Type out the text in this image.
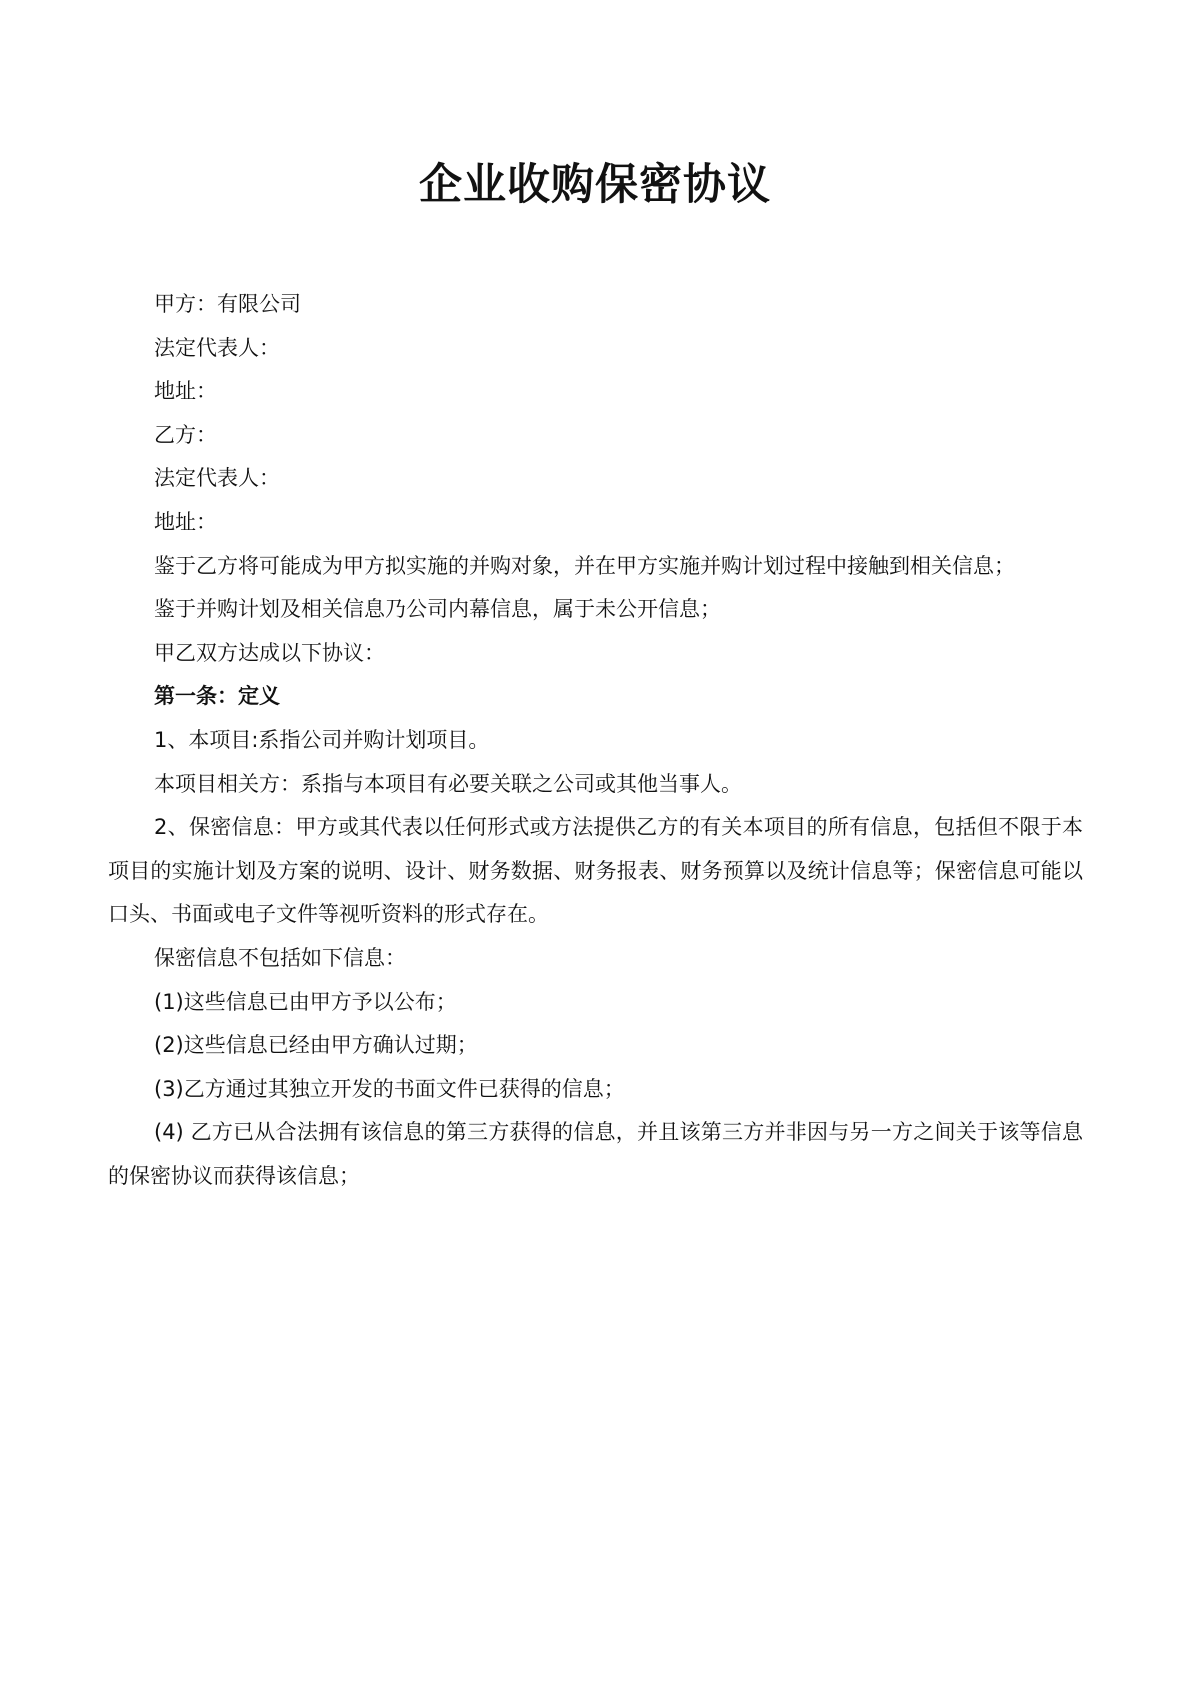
企业收购保密协议

甲方：有限公司

法定代表人：

地址：

乙方：

法定代表人：

地址：

鉴于乙方将可能成为甲方拟实施的并购对象，并在甲方实施并购计划过程中接触到相关信息；

鉴于并购计划及相关信息乃公司内幕信息，属于未公开信息；

甲乙双方达成以下协议：

第一条：定义

1、本项目:系指公司并购计划项目。

本项目相关方：系指与本项目有必要关联之公司或其他当事人。

2、保密信息：甲方或其代表以任何形式或方法提供乙方的有关本项目的所有信息，包括但不限于本项目的实施计划及方案的说明、设计、财务数据、财务报表、财务预算以及统计信息等；保密信息可能以口头、书面或电子文件等视听资料的形式存在。

保密信息不包括如下信息：

(1)这些信息已由甲方予以公布；

(2)这些信息已经由甲方确认过期；

(3)乙方通过其独立开发的书面文件已获得的信息；

(4) 乙方已从合法拥有该信息的第三方获得的信息，并且该第三方并非因与另一方之间关于该等信息的保密协议而获得该信息；
